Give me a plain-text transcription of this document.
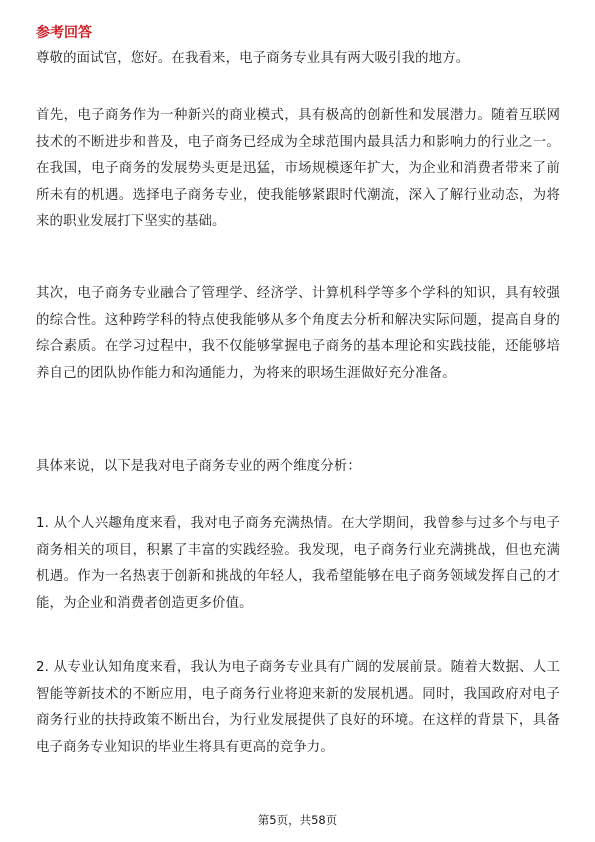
参考回答

尊敬的面试官，您好。在我看来，电子商务专业具有两大吸引我的地方。

首先，电子商务作为一种新兴的商业模式，具有极高的创新性和发展潜力。随着互联网技术的不断进步和普及，电子商务已经成为全球范围内最具活力和影响力的行业之一。在我国，电子商务的发展势头更是迅猛，市场规模逐年扩大，为企业和消费者带来了前所未有的机遇。选择电子商务专业，使我能够紧跟时代潮流，深入了解行业动态，为将来的职业发展打下坚实的基础。

其次，电子商务专业融合了管理学、经济学、计算机科学等多个学科的知识，具有较强的综合性。这种跨学科的特点使我能够从多个角度去分析和解决实际问题，提高自身的综合素质。在学习过程中，我不仅能够掌握电子商务的基本理论和实践技能，还能够培养自己的团队协作能力和沟通能力，为将来的职场生涯做好充分准备。

具体来说，以下是我对电子商务专业的两个维度分析：

1. 从个人兴趣角度来看，我对电子商务充满热情。在大学期间，我曾参与过多个与电子商务相关的项目，积累了丰富的实践经验。我发现，电子商务行业充满挑战，但也充满机遇。作为一名热衷于创新和挑战的年轻人，我希望能够在电子商务领域发挥自己的才能，为企业和消费者创造更多价值。

2. 从专业认知角度来看，我认为电子商务专业具有广阔的发展前景。随着大数据、人工智能等新技术的不断应用，电子商务行业将迎来新的发展机遇。同时，我国政府对电子商务行业的扶持政策不断出台，为行业发展提供了良好的环境。在这样的背景下，具备电子商务专业知识的毕业生将具有更高的竞争力。

第5页，共58页
